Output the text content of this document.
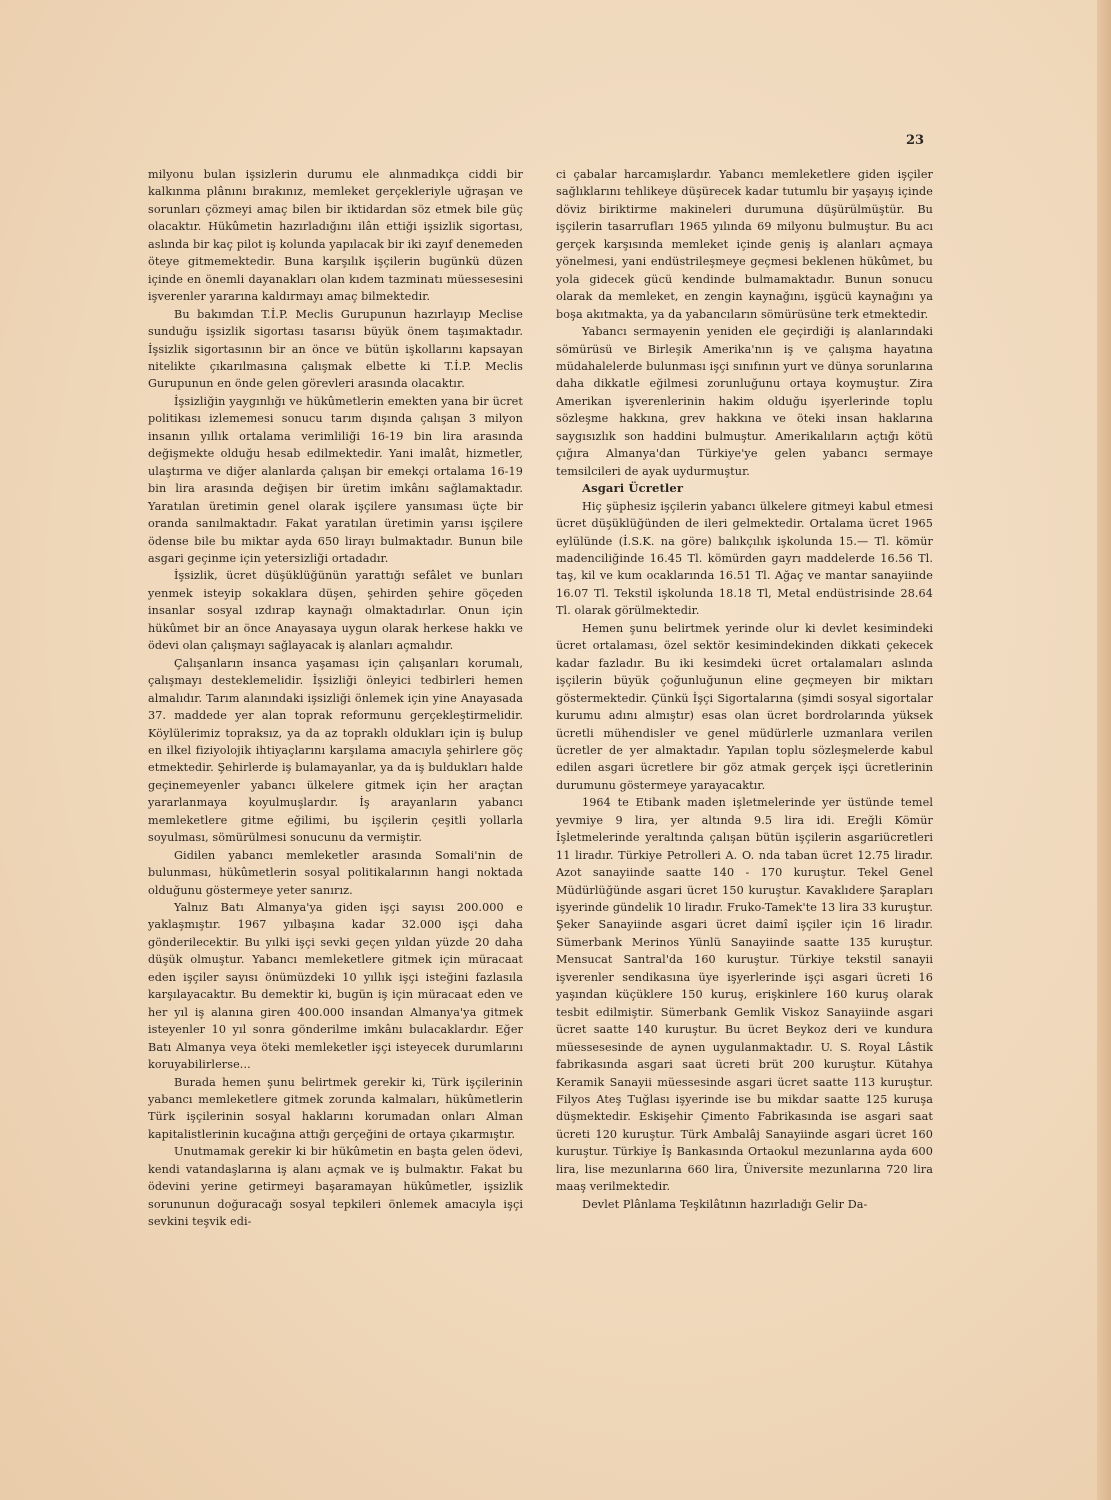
23

milyonu bulan işsizlerin durumu ele alınmadıkça ciddi bir kalkınma plânını bırakınız, memleket gerçekleriyle uğraşan ve sorunları çözmeyi amaç bilen bir iktidardan söz etmek bile güç olacaktır. Hükûmetin hazırladığını ilân ettiği işsizlik sigortası, aslında bir kaç pilot iş kolunda yapılacak bir iki zayıf denemeden öteye gitmemektedir. Buna karşılık işçilerin bugünkü düzen içinde en önemli dayanakları olan kıdem tazminatı müessesesini işverenler yararına kaldırmayı amaç bilmektedir.

Bu bakımdan T.İ.P. Meclis Gurupunun hazırlayıp Meclise sunduğu işsizlik sigortası tasarısı büyük önem taşımaktadır. İşsizlik sigortasının bir an önce ve bütün işkollarını kapsayan nitelikte çıkarılmasına çalışmak elbette ki T.İ.P. Meclis Gurupunun en önde gelen görevleri arasında olacaktır.

İşsizliğin yaygınlığı ve hükûmetlerin emekten yana bir ücret politikası izlememesi sonucu tarım dışında çalışan 3 milyon insanın yıllık ortalama verimliliği 16-19 bin lira arasında değişmekte olduğu hesab edilmektedir. Yani imalât, hizmetler, ulaştırma ve diğer alanlarda çalışan bir emekçi ortalama 16-19 bin lira arasında değişen bir üretim imkânı sağlamaktadır. Yaratılan üretimin genel olarak işçilere yansıması üçte bir oranda sanılmaktadır. Fakat yaratılan üretimin yarısı işçilere ödense bile bu miktar ayda 650 lirayı bulmaktadır. Bunun bile asgari geçinme için yetersizliği ortadadır.

İşsizlik, ücret düşüklüğünün yarattığı sefâlet ve bunları yenmek isteyip sokaklara düşen, şehirden şehire göçeden insanlar sosyal ızdırap kaynağı olmaktadırlar. Onun için hükûmet bir an önce Anayasaya uygun olarak herkese hakkı ve ödevi olan çalışmayı sağlayacak iş alanları açmalıdır.

Çalışanların insanca yaşaması için çalışanları korumalı, çalışmayı desteklemelidir. İşsizliği önleyici tedbirleri hemen almalıdır. Tarım alanındaki işsizliği önlemek için yine Anayasada 37. maddede yer alan toprak reformunu gerçekleştirmelidir. Köylülerimiz topraksız, ya da az topraklı oldukları için iş bulup en ilkel fiziyolojik ihtiyaçlarını karşılama amacıyla şehirlere göç etmektedir. Şehirlerde iş bulamayanlar, ya da iş buldukları halde geçinemeyenler yabancı ülkelere gitmek için her araçtan yararlanmaya koyulmuşlardır. İş arayanların yabancı memleketlere gitme eğilimi, bu işçilerin çeşitli yollarla soyulması, sömürülmesi sonucunu da vermiştir.

Gidilen yabancı memleketler arasında Somali'nin de bulunması, hükûmetlerin sosyal politikalarının hangi noktada olduğunu göstermeye yeter sanırız.

Yalnız Batı Almanya'ya giden işçi sayısı 200.000 e yaklaşmıştır. 1967 yılbaşına kadar 32.000 işçi daha gönderilecektir. Bu yılki işçi sevki geçen yıldan yüzde 20 daha düşük olmuştur. Yabancı memleketlere gitmek için müracaat eden işçiler sayısı önümüzdeki 10 yıllık işçi isteğini fazlasıla karşılayacaktır. Bu demektir ki, bugün iş için müracaat eden ve her yıl iş alanına giren 400.000 insandan Almanya'ya gitmek isteyenler 10 yıl sonra gönderilme imkânı bulacaklardır. Eğer Batı Almanya veya öteki memleketler işçi isteyecek durumlarını koruyabilirlerse...

Burada hemen şunu belirtmek gerekir ki, Türk işçilerinin yabancı memleketlere gitmek zorunda kalmaları, hükûmetlerin Türk işçilerinin sosyal haklarını korumadan onları Alman kapitalistlerinin kucağına attığı gerçeğini de ortaya çıkarmıştır.

Unutmamak gerekir ki bir hükûmetin en başta gelen ödevi, kendi vatandaşlarına iş alanı açmak ve iş bulmaktır. Fakat bu ödevini yerine getirmeyi başaramayan hükûmetler, işsizlik sorununun doğuracağı sosyal tepkileri önlemek amacıyla işçi sevkini teşvik edi-

ci çabalar harcamışlardır. Yabancı memleketlere giden işçiler sağlıklarını tehlikeye düşürecek kadar tutumlu bir yaşayış içinde döviz biriktirme makineleri durumuna düşürülmüştür. Bu işçilerin tasarrufları 1965 yılında 69 milyonu bulmuştur. Bu acı gerçek karşısında memleket içinde geniş iş alanları açmaya yönelmesi, yani endüstrileşmeye geçmesi beklenen hükûmet, bu yola gidecek gücü kendinde bulmamaktadır. Bunun sonucu olarak da memleket, en zengin kaynağını, işgücü kaynağını ya boşa akıtmakta, ya da yabancıların sömürüsüne terk etmektedir.

Yabancı sermayenin yeniden ele geçirdiği iş alanlarındaki sömürüsü ve Birleşik Amerika'nın iş ve çalışma hayatına müdahalelerde bulunması işçi sınıfının yurt ve dünya sorunlarına daha dikkatle eğilmesi zorunluğunu ortaya koymuştur. Zira Amerikan işverenlerinin hakim olduğu işyerlerinde toplu sözleşme hakkına, grev hakkına ve öteki insan haklarına saygısızlık son haddini bulmuştur. Amerikalıların açtığı kötü çığıra Almanya'dan Türkiye'ye gelen yabancı sermaye temsilcileri de ayak uydurmuştur.

Asgari Ücretler

Hiç şüphesiz işçilerin yabancı ülkelere gitmeyi kabul etmesi ücret düşüklüğünden de ileri gelmektedir. Ortalama ücret 1965 eylülünde (İ.S.K. na göre) balıkçılık işkolunda 15.— Tl. kömür madenciliğinde 16.45 Tl. kömürden gayrı maddelerde 16.56 Tl. taş, kil ve kum ocaklarında 16.51 Tl. Ağaç ve mantar sanayiinde 16.07 Tl. Tekstil işkolunda 18.18 Tl, Metal endüstrisinde 28.64 Tl. olarak görülmektedir.

Hemen şunu belirtmek yerinde olur ki devlet kesimindeki ücret ortalaması, özel sektör kesimindekinden dikkati çekecek kadar fazladır. Bu iki kesimdeki ücret ortalamaları aslında işçilerin büyük çoğunluğunun eline geçmeyen bir miktarı göstermektedir. Çünkü İşçi Sigortalarına (şimdi sosyal sigortalar kurumu adını almıştır) esas olan ücret bordrolarında yüksek ücretli mühendisler ve genel müdürlerle uzmanlara verilen ücretler de yer almaktadır. Yapılan toplu sözleşmelerde kabul edilen asgari ücretlere bir göz atmak gerçek işçi ücretlerinin durumunu göstermeye yarayacaktır.

1964 te Etibank maden işletmelerinde yer üstünde temel yevmiye 9 lira, yer altında 9.5 lira idi. Ereğli Kömür İşletmelerinde yeraltında çalışan bütün işçilerin asgariücretleri 11 liradır. Türkiye Petrolleri A. O. nda taban ücret 12.75 liradır. Azot sanayiinde saatte 140 - 170 kuruştur. Tekel Genel Müdürlüğünde asgari ücret 150 kuruştur. Kavaklıdere Şarapları işyerinde gündelik 10 liradır. Fruko-Tamek'te 13 lira 33 kuruştur. Şeker Sanayiinde asgari ücret daimî işçiler için 16 liradır. Sümerbank Merinos Yünlü Sanayiinde saatte 135 kuruştur. Mensucat Santral'da 160 kuruştur. Türkiye tekstil sanayii işverenler sendikasına üye işyerlerinde işçi asgari ücreti 16 yaşından küçüklere 150 kuruş, erişkinlere 160 kuruş olarak tesbit edilmiştir. Sümerbank Gemlik Viskoz Sanayiinde asgari ücret saatte 140 kuruştur. Bu ücret Beykoz deri ve kundura müessesesinde de aynen uygulanmaktadır. U. S. Royal Lâstik fabrikasında asgari saat ücreti brüt 200 kuruştur. Kütahya Keramik Sanayii müessesinde asgari ücret saatte 113 kuruştur. Filyos Ateş Tuğlası işyerinde ise bu mikdar saatte 125 kuruşa düşmektedir. Eskişehir Çimento Fabrikasında ise asgari saat ücreti 120 kuruştur. Türk Ambalâj Sanayiinde asgari ücret 160 kuruştur. Türkiye İş Bankasında Ortaokul mezunlarına ayda 600 lira, lise mezunlarına 660 lira, Üniversite mezunlarına 720 lira maaş verilmektedir.

Devlet Plânlama Teşkilâtının hazırladığı Gelir Da-
